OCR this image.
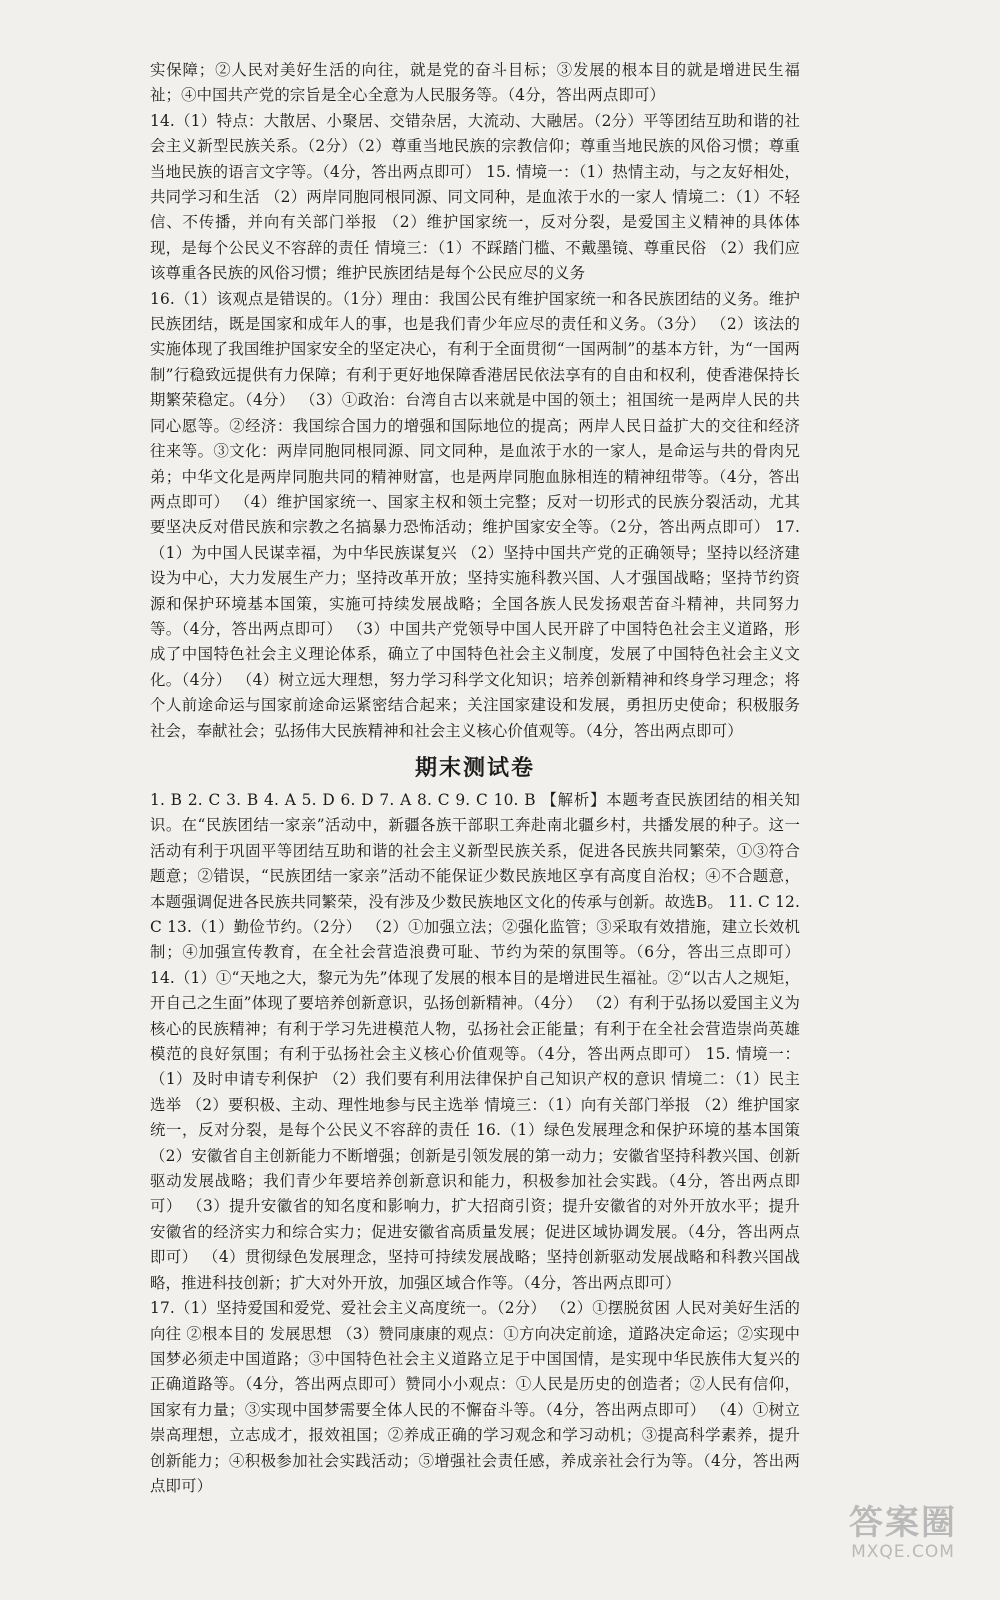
实保障；②人民对美好生活的向往，就是党的奋斗目标；③发展的根本目的就是增进民生福祉；④中国共产党的宗旨是全心全意为人民服务等。（4分，答出两点即可）

14.（1）特点：大散居、小聚居、交错杂居，大流动、大融居。（2分）平等团结互助和谐的社会主义新型民族关系。（2分）（2）尊重当地民族的宗教信仰；尊重当地民族的风俗习惯；尊重当地民族的语言文字等。（4分，答出两点即可） 15. 情境一：（1）热情主动，与之友好相处，共同学习和生活 （2）两岸同胞同根同源、同文同种，是血浓于水的一家人 情境二：（1）不轻信、不传播，并向有关部门举报 （2）维护国家统一，反对分裂，是爱国主义精神的具体体现，是每个公民义不容辞的责任 情境三：（1）不踩踏门槛、不戴墨镜、尊重民俗 （2）我们应该尊重各民族的风俗习惯；维护民族团结是每个公民应尽的义务

16.（1）该观点是错误的。（1分）理由：我国公民有维护国家统一和各民族团结的义务。维护民族团结，既是国家和成年人的事，也是我们青少年应尽的责任和义务。（3分） （2）该法的实施体现了我国维护国家安全的坚定决心，有利于全面贯彻“一国两制”的基本方针，为“一国两制”行稳致远提供有力保障；有利于更好地保障香港居民依法享有的自由和权利，使香港保持长期繁荣稳定。（4分） （3）①政治：台湾自古以来就是中国的领土；祖国统一是两岸人民的共同心愿等。②经济：我国综合国力的增强和国际地位的提高；两岸人民日益扩大的交往和经济往来等。③文化：两岸同胞同根同源、同文同种，是血浓于水的一家人，是命运与共的骨肉兄弟；中华文化是两岸同胞共同的精神财富，也是两岸同胞血脉相连的精神纽带等。（4分，答出两点即可） （4）维护国家统一、国家主权和领土完整；反对一切形式的民族分裂活动，尤其要坚决反对借民族和宗教之名搞暴力恐怖活动；维护国家安全等。（2分，答出两点即可） 17.（1）为中国人民谋幸福，为中华民族谋复兴 （2）坚持中国共产党的正确领导；坚持以经济建设为中心，大力发展生产力；坚持改革开放；坚持实施科教兴国、人才强国战略；坚持节约资源和保护环境基本国策，实施可持续发展战略；全国各族人民发扬艰苦奋斗精神，共同努力等。（4分，答出两点即可） （3）中国共产党领导中国人民开辟了中国特色社会主义道路，形成了中国特色社会主义理论体系，确立了中国特色社会主义制度，发展了中国特色社会主义文化。（4分） （4）树立远大理想，努力学习科学文化知识；培养创新精神和终身学习理念；将个人前途命运与国家前途命运紧密结合起来；关注国家建设和发展，勇担历史使命；积极服务社会，奉献社会；弘扬伟大民族精神和社会主义核心价值观等。（4分，答出两点即可）

期末测试卷

1. B 2. C 3. B 4. A 5. D 6. D 7. A 8. C 9. C 10. B 【解析】本题考查民族团结的相关知识。在“民族团结一家亲”活动中，新疆各族干部职工奔赴南北疆乡村，共播发展的种子。这一活动有利于巩固平等团结互助和谐的社会主义新型民族关系，促进各民族共同繁荣，①③符合题意；②错误，“民族团结一家亲”活动不能保证少数民族地区享有高度自治权；④不合题意，本题强调促进各民族共同繁荣，没有涉及少数民族地区文化的传承与创新。故选B。 11. C 12. C 13.（1）勤俭节约。（2分） （2）①加强立法；②强化监管；③采取有效措施，建立长效机制；④加强宣传教育，在全社会营造浪费可耻、节约为荣的氛围等。（6分，答出三点即可） 14.（1）①“天地之大，黎元为先”体现了发展的根本目的是增进民生福祉。②“以古人之规矩，开自己之生面”体现了要培养创新意识，弘扬创新精神。（4分） （2）有利于弘扬以爱国主义为核心的民族精神；有利于学习先进模范人物，弘扬社会正能量；有利于在全社会营造崇尚英雄模范的良好氛围；有利于弘扬社会主义核心价值观等。（4分，答出两点即可） 15. 情境一：（1）及时申请专利保护 （2）我们要有利用法律保护自己知识产权的意识 情境二：（1）民主选举 （2）要积极、主动、理性地参与民主选举 情境三：（1）向有关部门举报 （2）维护国家统一，反对分裂，是每个公民义不容辞的责任 16.（1）绿色发展理念和保护环境的基本国策 （2）安徽省自主创新能力不断增强；创新是引领发展的第一动力；安徽省坚持科教兴国、创新驱动发展战略；我们青少年要培养创新意识和能力，积极参加社会实践。（4分，答出两点即可） （3）提升安徽省的知名度和影响力，扩大招商引资；提升安徽省的对外开放水平；提升安徽省的经济实力和综合实力；促进安徽省高质量发展；促进区域协调发展。（4分，答出两点即可） （4）贯彻绿色发展理念，坚持可持续发展战略；坚持创新驱动发展战略和科教兴国战略，推进科技创新；扩大对外开放，加强区域合作等。（4分，答出两点即可）

17.（1）坚持爱国和爱党、爱社会主义高度统一。（2分） （2）①摆脱贫困 人民对美好生活的向往 ②根本目的 发展思想 （3）赞同康康的观点：①方向决定前途，道路决定命运；②实现中国梦必须走中国道路；③中国特色社会主义道路立足于中国国情，是实现中华民族伟大复兴的正确道路等。（4分，答出两点即可）赞同小小观点：①人民是历史的创造者；②人民有信仰，国家有力量；③实现中国梦需要全体人民的不懈奋斗等。（4分，答出两点即可） （4）①树立崇高理想，立志成才，报效祖国；②养成正确的学习观念和学习动机；③提高科学素养，提升创新能力；④积极参加社会实践活动；⑤增强社会责任感，养成亲社会行为等。（4分，答出两点即可）

答案圈
MXQE.COM
